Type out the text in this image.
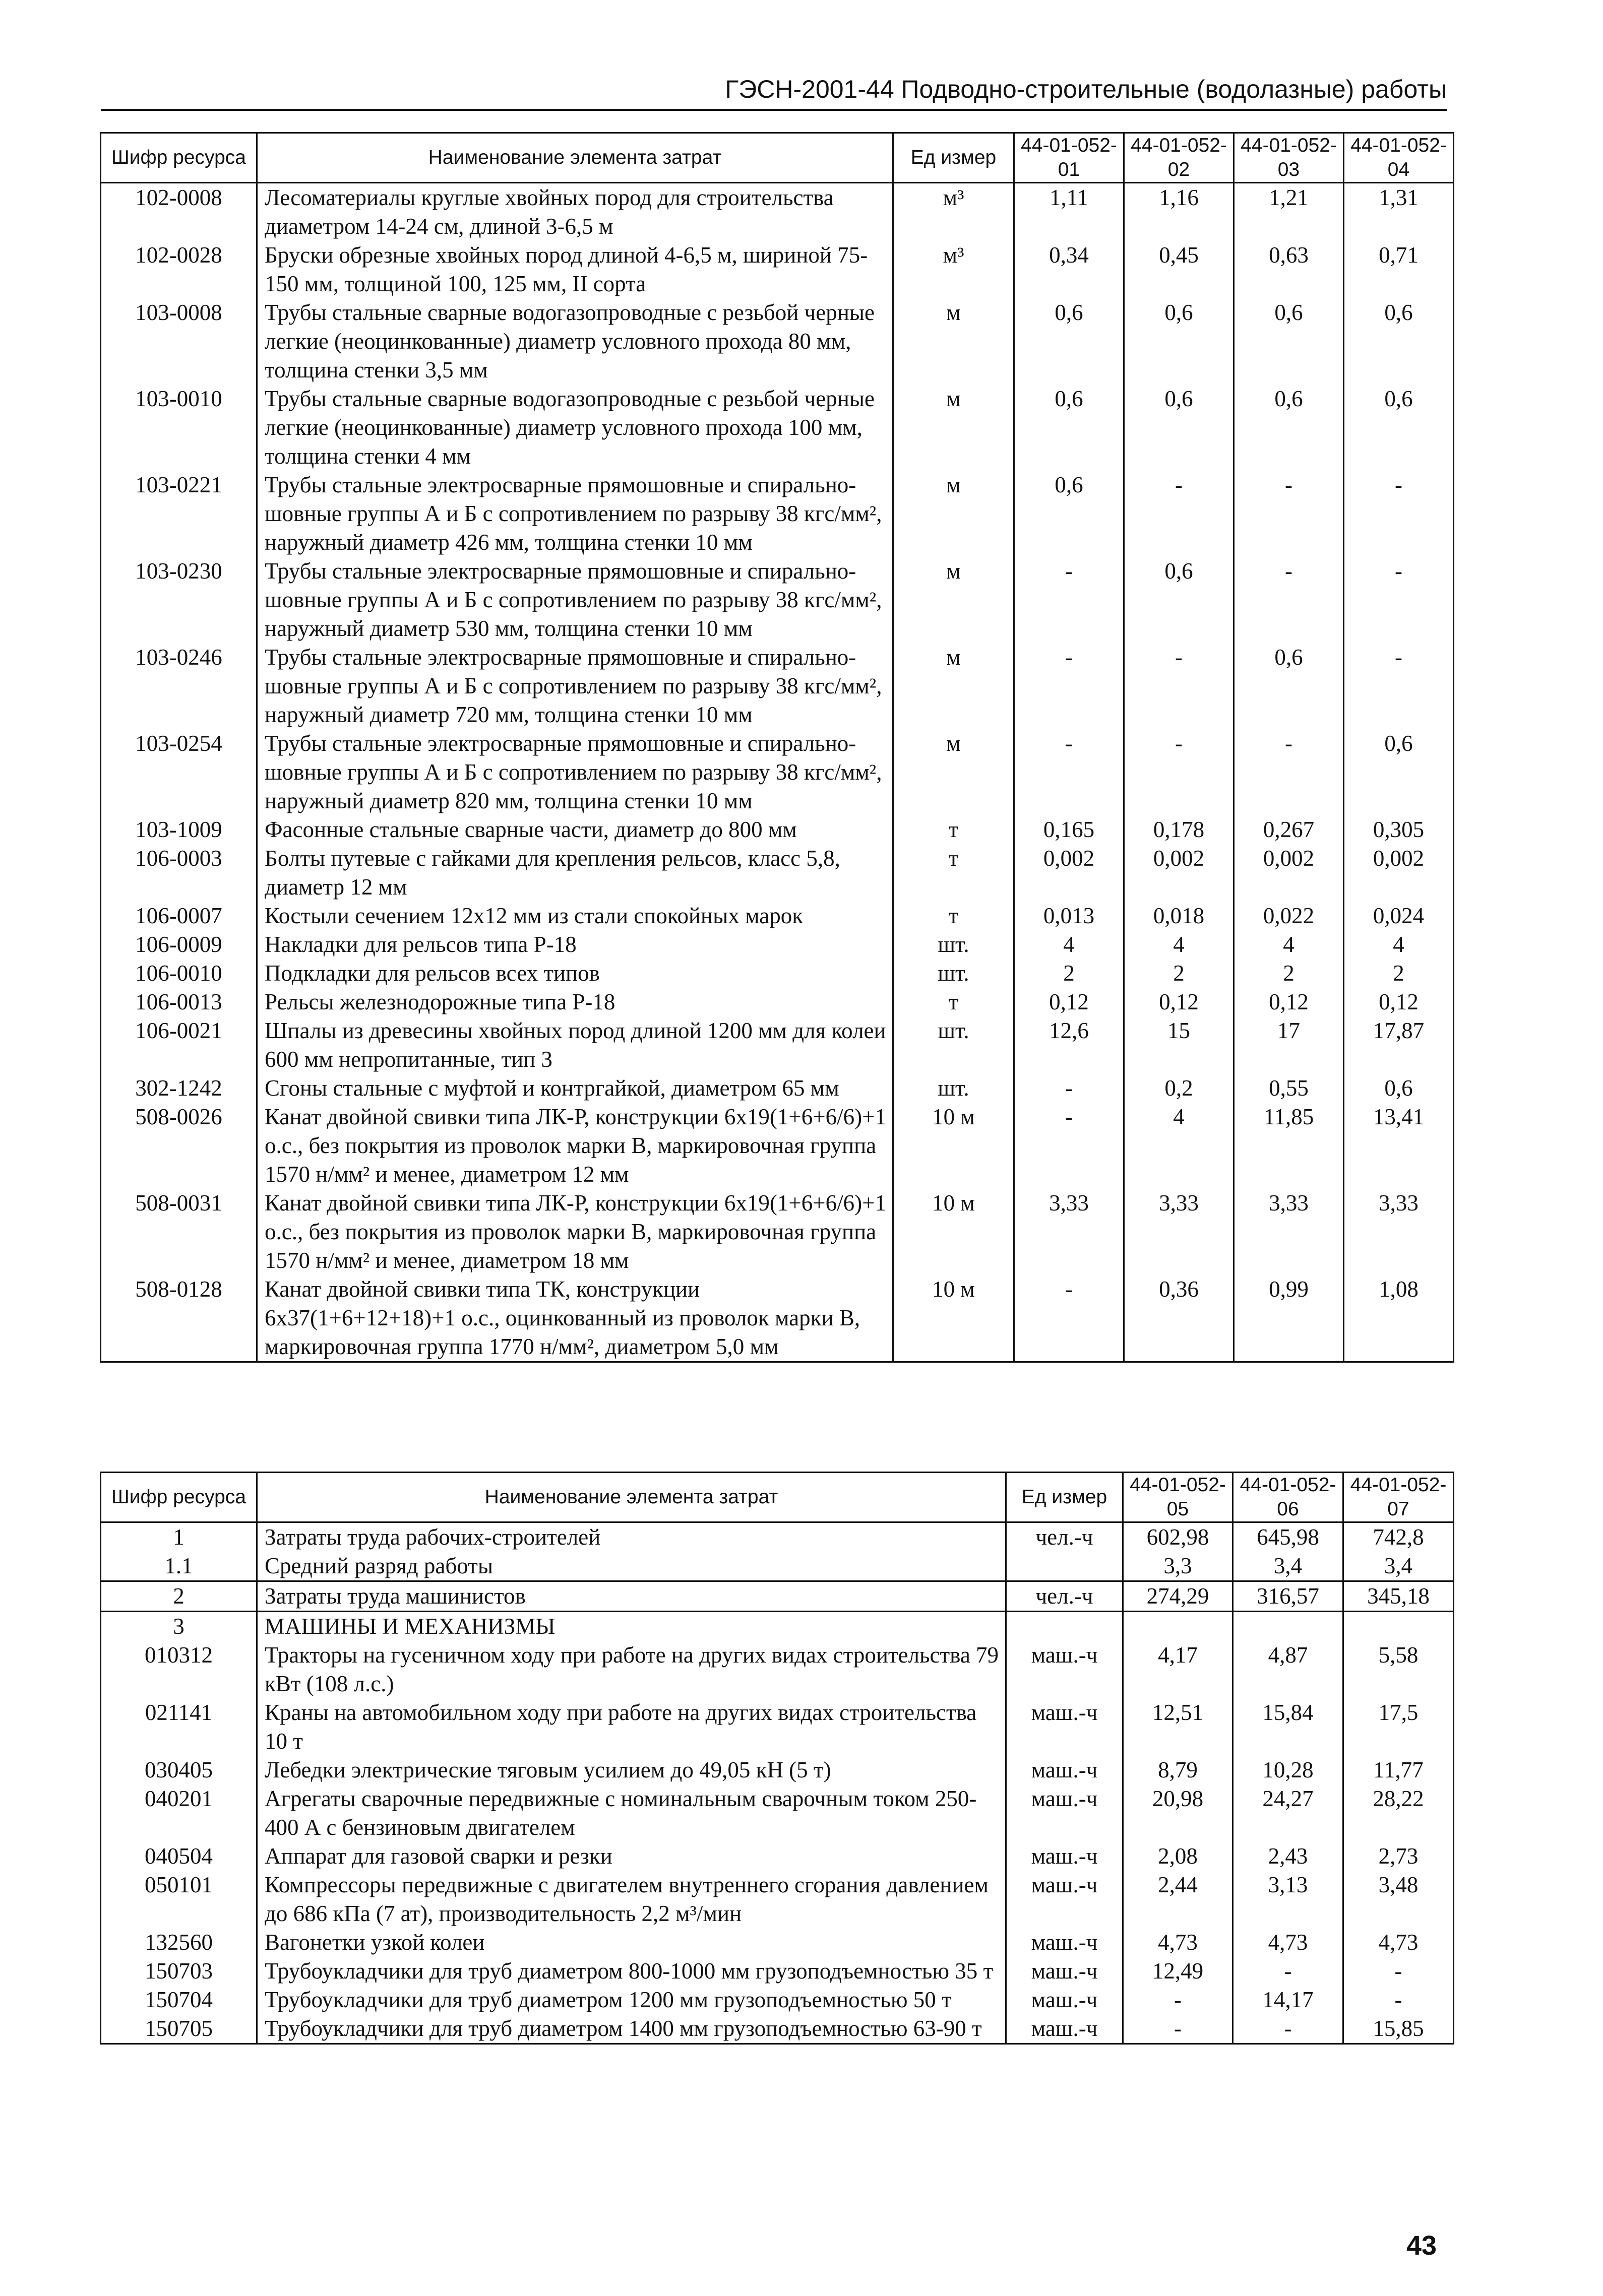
ГЭСН-2001-44 Подводно-строительные (водолазные) работы
Шифр ресурса	Наименование элемента затрат	Ед измер	44-01-052-01	44-01-052-02	44-01-052-03	44-01-052-04
102-0008	Лесоматериалы круглые хвойных пород для строительства диаметром 14-24 см, длиной 3-6,5 м	м³	1,11	1,16	1,21	1,31
102-0028	Бруски обрезные хвойных пород длиной 4-6,5 м, шириной 75-150 мм, толщиной 100, 125 мм, II сорта	м³	0,34	0,45	0,63	0,71
103-0008	Трубы стальные сварные водогазопроводные с резьбой черные легкие (неоцинкованные) диаметр условного прохода 80 мм, толщина стенки 3,5 мм	м	0,6	0,6	0,6	0,6
103-0010	Трубы стальные сварные водогазопроводные с резьбой черные легкие (неоцинкованные) диаметр условного прохода 100 мм, толщина стенки 4 мм	м	0,6	0,6	0,6	0,6
103-0221	Трубы стальные электросварные прямошовные и спирально-шовные группы А и Б с сопротивлением по разрыву 38 кгс/мм², наружный диаметр 426 мм, толщина стенки 10 мм	м	0,6	-	-	-
103-0230	Трубы стальные электросварные прямошовные и спирально-шовные группы А и Б с сопротивлением по разрыву 38 кгс/мм², наружный диаметр 530 мм, толщина стенки 10 мм	м	-	0,6	-	-
103-0246	Трубы стальные электросварные прямошовные и спирально-шовные группы А и Б с сопротивлением по разрыву 38 кгс/мм², наружный диаметр 720 мм, толщина стенки 10 мм	м	-	-	0,6	-
103-0254	Трубы стальные электросварные прямошовные и спирально-шовные группы А и Б с сопротивлением по разрыву 38 кгс/мм², наружный диаметр 820 мм, толщина стенки 10 мм	м	-	-	-	0,6
103-1009	Фасонные стальные сварные части, диаметр до 800 мм	т	0,165	0,178	0,267	0,305
106-0003	Болты путевые с гайками для крепления рельсов, класс 5,8, диаметр 12 мм	т	0,002	0,002	0,002	0,002
106-0007	Костыли сечением 12x12 мм из стали спокойных марок	т	0,013	0,018	0,022	0,024
106-0009	Накладки для рельсов типа Р-18	шт.	4	4	4	4
106-0010	Подкладки для рельсов всех типов	шт.	2	2	2	2
106-0013	Рельсы железнодорожные типа Р-18	т	0,12	0,12	0,12	0,12
106-0021	Шпалы из древесины хвойных пород длиной 1200 мм для колеи 600 мм непропитанные, тип 3	шт.	12,6	15	17	17,87
302-1242	Сгоны стальные с муфтой и контргайкой, диаметром 65 мм	шт.	-	0,2	0,55	0,6
508-0026	Канат двойной свивки типа ЛК-Р, конструкции 6x19(1+6+6/6)+1 о.с., без покрытия из проволок марки В, маркировочная группа 1570 н/мм² и менее, диаметром 12 мм	10 м	-	4	11,85	13,41
508-0031	Канат двойной свивки типа ЛК-Р, конструкции 6x19(1+6+6/6)+1 о.с., без покрытия из проволок марки В, маркировочная группа 1570 н/мм² и менее, диаметром 18 мм	10 м	3,33	3,33	3,33	3,33
508-0128	Канат двойной свивки типа ТК, конструкции 6x37(1+6+12+18)+1 о.с., оцинкованный из проволок марки В, маркировочная группа 1770 н/мм², диаметром 5,0 мм	10 м	-	0,36	0,99	1,08
Шифр ресурса	Наименование элемента затрат	Ед измер	44-01-052-05	44-01-052-06	44-01-052-07
1	Затраты труда рабочих-строителей	чел.-ч	602,98	645,98	742,8
1.1	Средний разряд работы		3,3	3,4	3,4
2	Затраты труда машинистов	чел.-ч	274,29	316,57	345,18
3	МАШИНЫ И МЕХАНИЗМЫ				
010312	Тракторы на гусеничном ходу при работе на других видах строительства 79 кВт (108 л.с.)	маш.-ч	4,17	4,87	5,58
021141	Краны на автомобильном ходу при работе на других видах строительства 10 т	маш.-ч	12,51	15,84	17,5
030405	Лебедки электрические тяговым усилием до 49,05 кН (5 т)	маш.-ч	8,79	10,28	11,77
040201	Агрегаты сварочные передвижные с номинальным сварочным током 250-400 А с бензиновым двигателем	маш.-ч	20,98	24,27	28,22
040504	Аппарат для газовой сварки и резки	маш.-ч	2,08	2,43	2,73
050101	Компрессоры передвижные с двигателем внутреннего сгорания давлением до 686 кПа (7 ат), производительность 2,2 м³/мин	маш.-ч	2,44	3,13	3,48
132560	Вагонетки узкой колеи	маш.-ч	4,73	4,73	4,73
150703	Трубоукладчики для труб диаметром 800-1000 мм грузоподъемностью 35 т	маш.-ч	12,49	-	-
150704	Трубоукладчики для труб диаметром 1200 мм грузоподъемностью 50 т	маш.-ч	-	14,17	-
150705	Трубоукладчики для труб диаметром 1400 мм грузоподъемностью 63-90 т	маш.-ч	-	-	15,85
43
